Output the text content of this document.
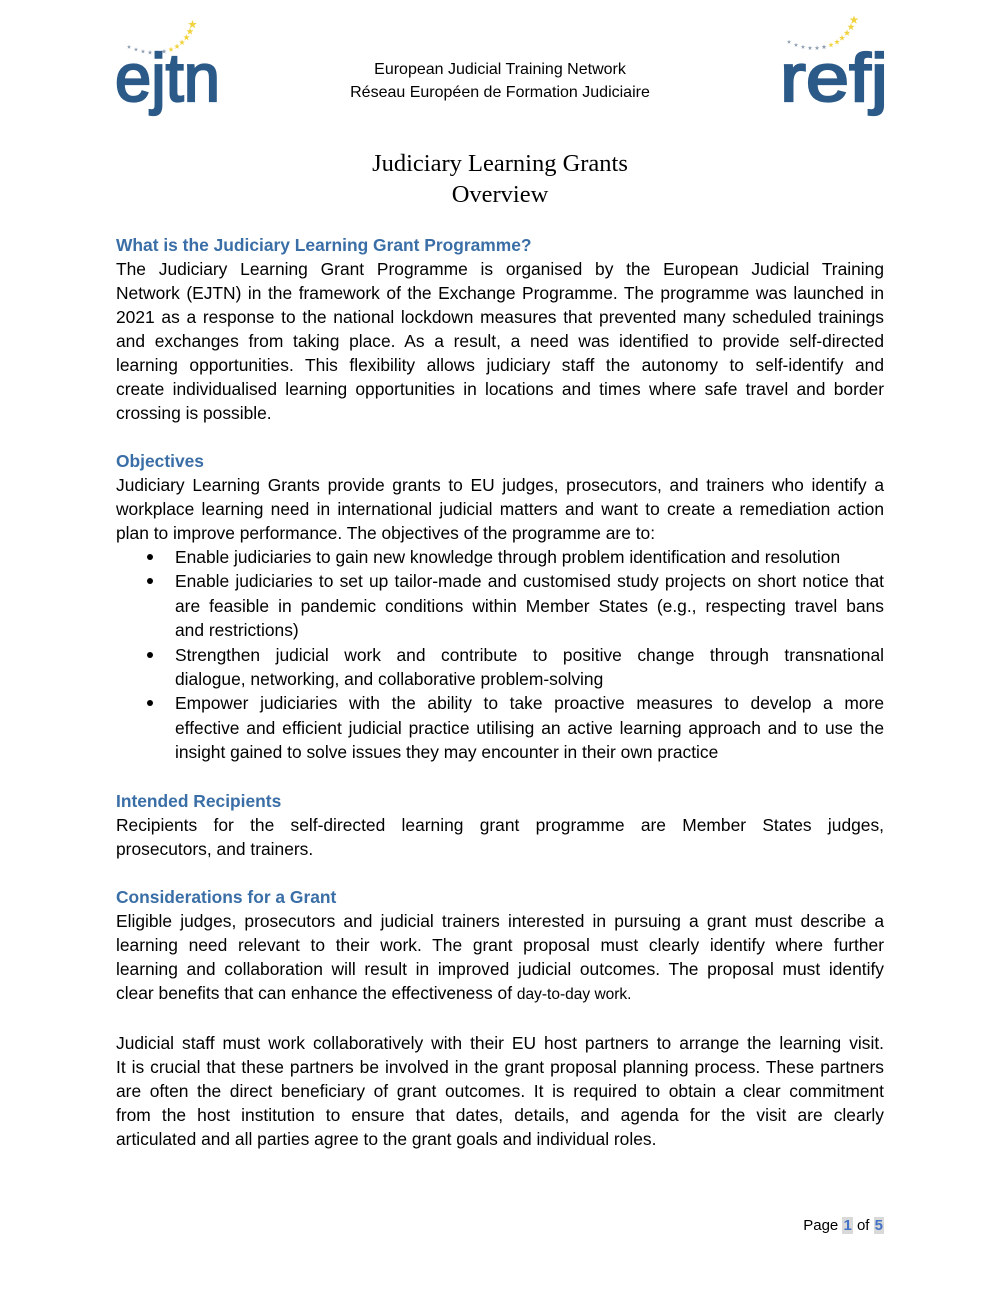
ejtn	European Judicial Training Network
Réseau Européen de Formation Judiciaire	refj
Judiciary Learning Grants
Overview
What is the Judiciary Learning Grant Programme?
The Judiciary Learning Grant Programme is organised by the European Judicial Training
Network (EJTN) in the framework of the Exchange Programme. The programme was launched in
2021 as a response to the national lockdown measures that prevented many scheduled trainings
and exchanges from taking place. As a result, a need was identified to provide self-directed
learning opportunities. This flexibility allows judiciary staff the autonomy to self-identify and
create individualised learning opportunities in locations and times where safe travel and border
crossing is possible.
Objectives
Judiciary Learning Grants provide grants to EU judges, prosecutors, and trainers who identify a
workplace learning need in international judicial matters and want to create a remediation action
plan to improve performance. The objectives of the programme are to:
Enable judiciaries to gain new knowledge through problem identification and resolution
Enable judiciaries to set up tailor-made and customised study projects on short notice that
are feasible in pandemic conditions within Member States (e.g., respecting travel bans
and restrictions)
Strengthen judicial work and contribute to positive change through transnational
dialogue, networking, and collaborative problem-solving
Empower judiciaries with the ability to take proactive measures to develop a more
effective and efficient judicial practice utilising an active learning approach and to use the
insight gained to solve issues they may encounter in their own practice
Intended Recipients
Recipients for the self-directed learning grant programme are Member States judges,
prosecutors, and trainers.
Considerations for a Grant
Eligible judges, prosecutors and judicial trainers interested in pursuing a grant must describe a
learning need relevant to their work. The grant proposal must clearly identify where further
learning and collaboration will result in improved judicial outcomes. The proposal must identify
clear benefits that can enhance the effectiveness of day-to-day work.
Judicial staff must work collaboratively with their EU host partners to arrange the learning visit.
It is crucial that these partners be involved in the grant proposal planning process. These partners
are often the direct beneficiary of grant outcomes. It is required to obtain a clear commitment
from the host institution to ensure that dates, details, and agenda for the visit are clearly
articulated and all parties agree to the grant goals and individual roles.
Page 1 of 5
